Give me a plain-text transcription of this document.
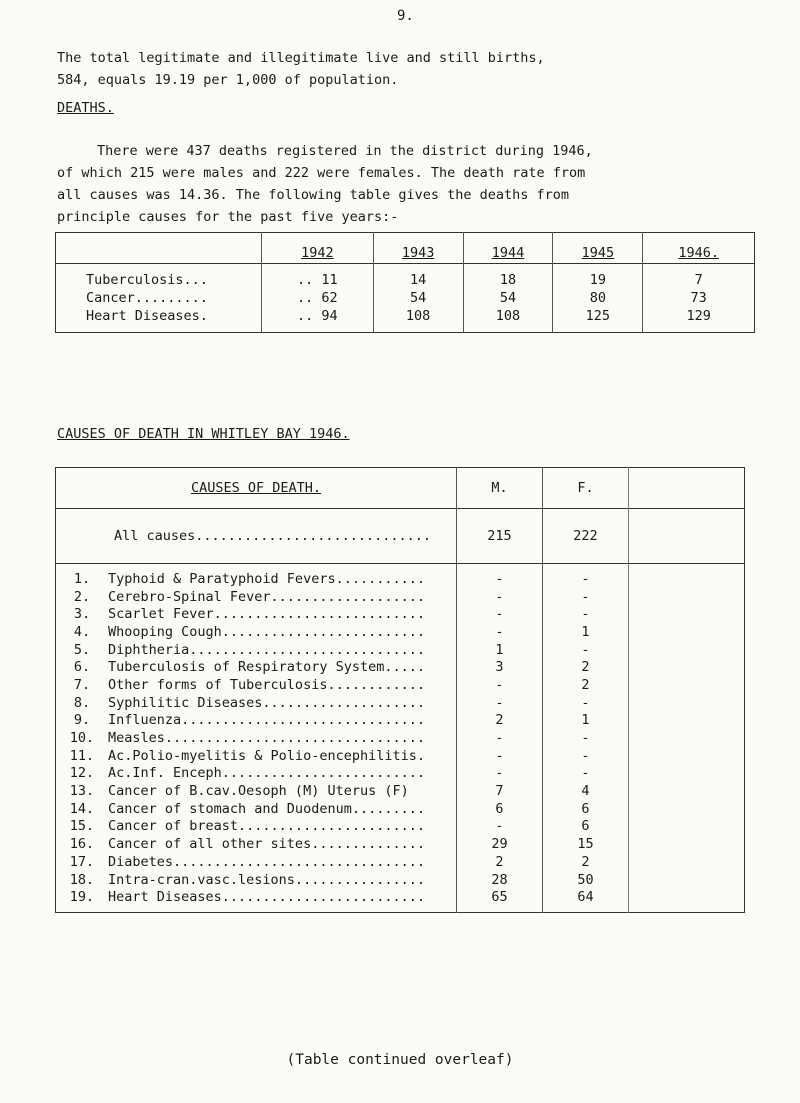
9.
The total legitimate and illegitimate live and still births,
584, equals 19.19 per 1,000 of population.
DEATHS.
There were 437 deaths registered in the district during 1946,
of which 215 were males and 222 were females. The death rate from
all causes was 14.36. The following table gives the deaths from
principle causes for the past five years:-
	1942	1943	1944	1945	1946.

Tuberculosis...	.. 11	14	18	19	7
Cancer.........	.. 62	54	54	80	73
Heart Diseases.	.. 94	108	108	125	129

CAUSES OF DEATH IN WHITLEY BAY 1946.
CAUSES OF DEATH.		M.	F.	
All causes.............................		215	222	

1.	Typhoid & Paratyphoid Fevers...........	-	-	
2.	Cerebro-Spinal Fever...................	-	-	
3.	Scarlet Fever..........................	-	-	
4.	Whooping Cough.........................	-	1	
5.	Diphtheria.............................	1	-	
6.	Tuberculosis of Respiratory System.....	3	2	
7.	Other forms of Tuberculosis............	-	2	
8.	Syphilitic Diseases....................	-	-	
9.	Influenza..............................	2	1	
10.	Measles................................	-	-	
11.	Ac.Polio-myelitis & Polio-encephilitis.	-	-	
12.	Ac.Inf. Enceph.........................	-	-	
13.	Cancer of B.cav.Oesoph (M) Uterus (F)	7	4	
14.	Cancer of stomach and Duodenum.........	6	6	
15.	Cancer of breast.......................	-	6	
16.	Cancer of all other sites..............	29	15	
17.	Diabetes...............................	2	2	
18.	Intra-cran.vasc.lesions................	28	50	
19.	Heart Diseases.........................	65	64	

(Table continued overleaf)
